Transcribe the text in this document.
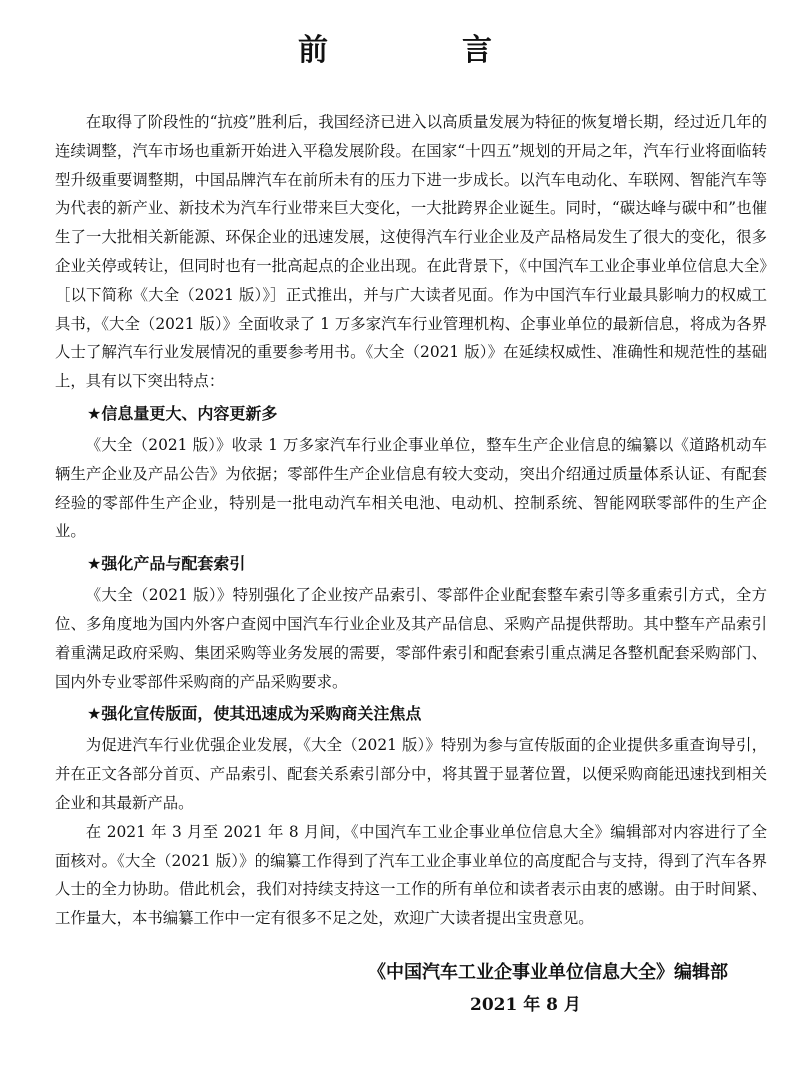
前　言

在取得了阶段性的“抗疫”胜利后，我国经济已进入以高质量发展为特征的恢复增长期，经过近几年的连续调整，汽车市场也重新开始进入平稳发展阶段。在国家“十四五”规划的开局之年，汽车行业将面临转型升级重要调整期，中国品牌汽车在前所未有的压力下进一步成长。以汽车电动化、车联网、智能汽车等为代表的新产业、新技术为汽车行业带来巨大变化，一大批跨界企业诞生。同时，“碳达峰与碳中和”也催生了一大批相关新能源、环保企业的迅速发展，这使得汽车行业企业及产品格局发生了很大的变化，很多企业关停或转让，但同时也有一批高起点的企业出现。在此背景下，《中国汽车工业企事业单位信息大全》［以下简称《大全（2021 版）》］正式推出，并与广大读者见面。作为中国汽车行业最具影响力的权威工具书，《大全（2021 版）》全面收录了 1 万多家汽车行业管理机构、企事业单位的最新信息，将成为各界人士了解汽车行业发展情况的重要参考用书。《大全（2021 版）》在延续权威性、准确性和规范性的基础上，具有以下突出特点：

★信息量更大、内容更新多

《大全（2021 版）》收录 1 万多家汽车行业企事业单位，整车生产企业信息的编纂以《道路机动车辆生产企业及产品公告》为依据；零部件生产企业信息有较大变动，突出介绍通过质量体系认证、有配套经验的零部件生产企业，特别是一批电动汽车相关电池、电动机、控制系统、智能网联零部件的生产企业。

★强化产品与配套索引

《大全（2021 版）》特别强化了企业按产品索引、零部件企业配套整车索引等多重索引方式，全方位、多角度地为国内外客户查阅中国汽车行业企业及其产品信息、采购产品提供帮助。其中整车产品索引着重满足政府采购、集团采购等业务发展的需要，零部件索引和配套索引重点满足各整机配套采购部门、国内外专业零部件采购商的产品采购要求。

★强化宣传版面，使其迅速成为采购商关注焦点

为促进汽车行业优强企业发展，《大全（2021 版）》特别为参与宣传版面的企业提供多重查询导引，并在正文各部分首页、产品索引、配套关系索引部分中，将其置于显著位置，以便采购商能迅速找到相关企业和其最新产品。

在 2021 年 3 月至 2021 年 8 月间，《中国汽车工业企事业单位信息大全》编辑部对内容进行了全面核对。《大全（2021 版）》的编纂工作得到了汽车工业企事业单位的高度配合与支持，得到了汽车各界人士的全力协助。借此机会，我们对持续支持这一工作的所有单位和读者表示由衷的感谢。由于时间紧、工作量大，本书编纂工作中一定有很多不足之处，欢迎广大读者提出宝贵意见。

《中国汽车工业企事业单位信息大全》编辑部
2021 年 8 月
